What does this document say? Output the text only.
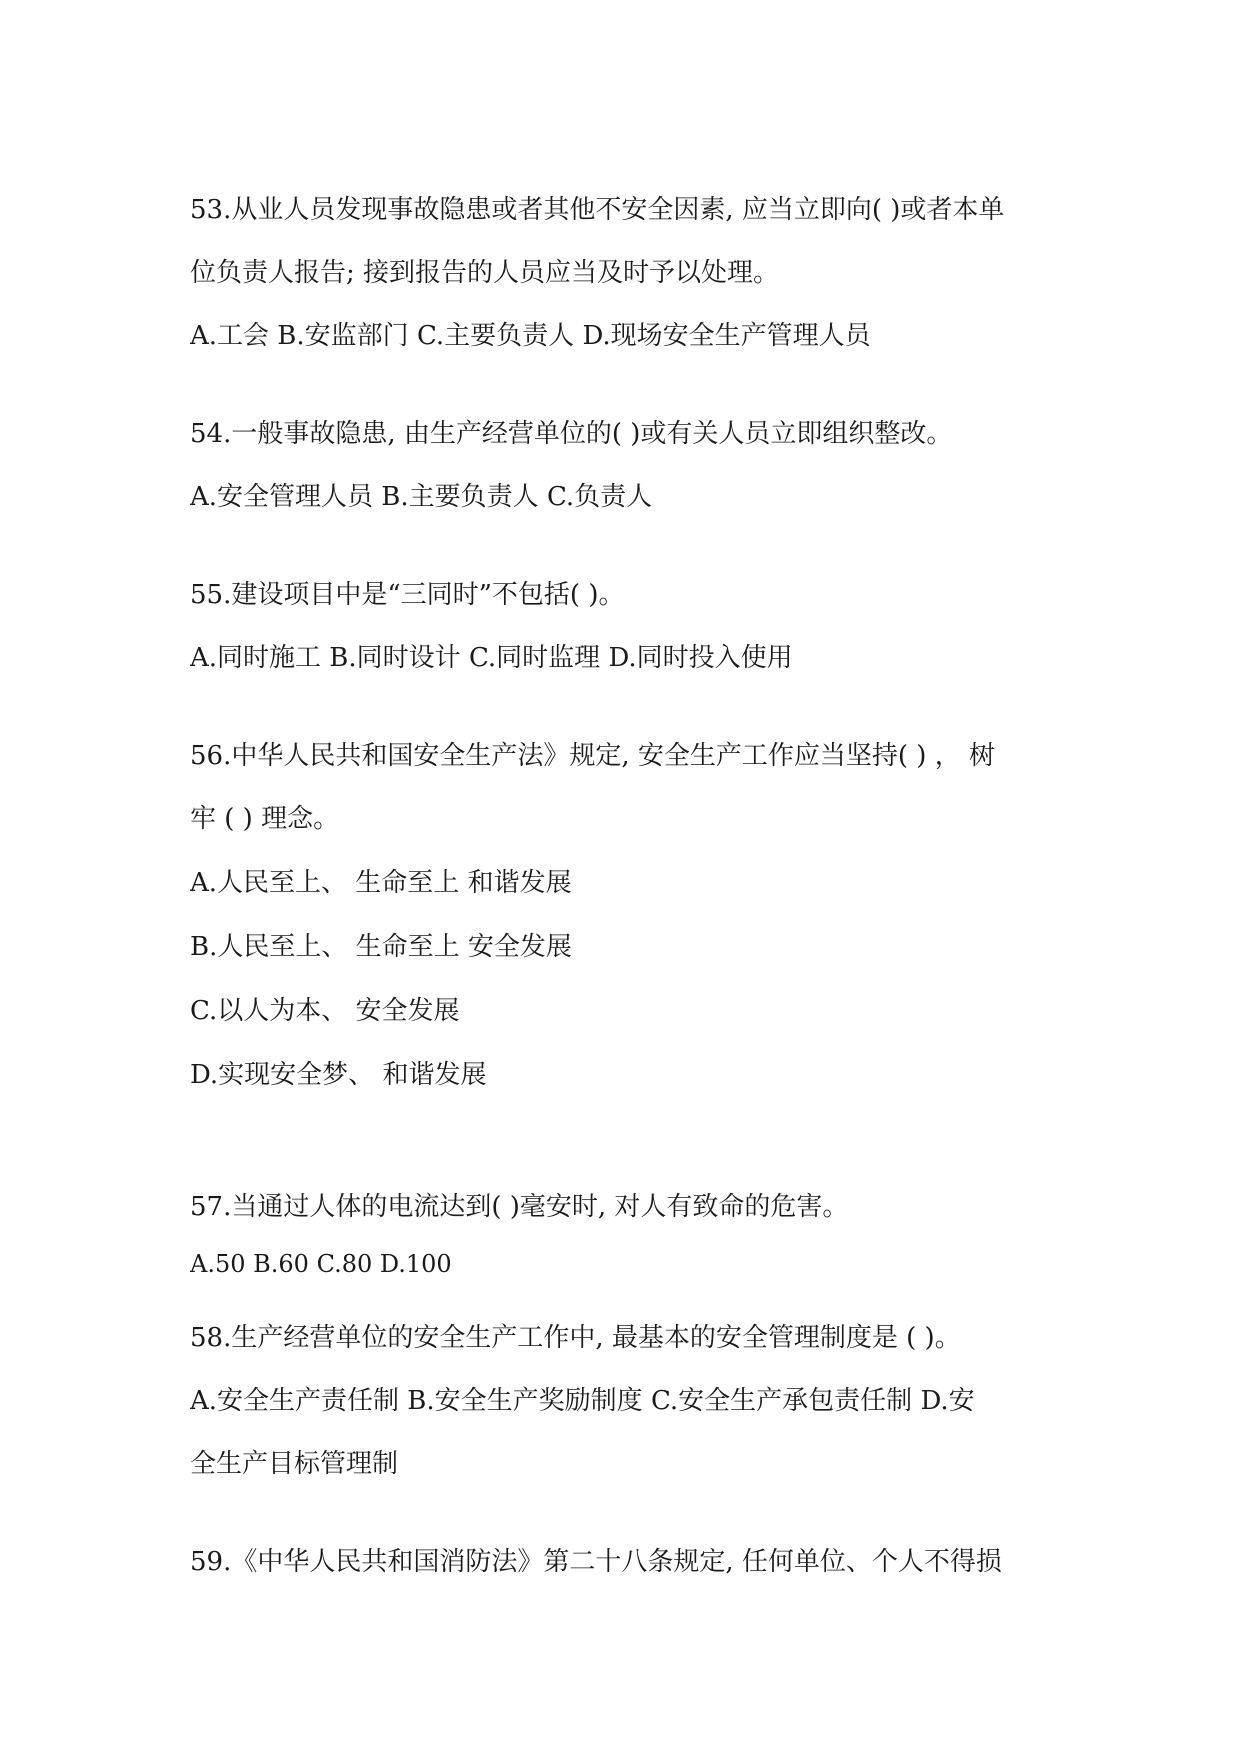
53.从业人员发现事故隐患或者其他不安全因素, 应当立即向( )或者本单
位负责人报告; 接到报告的人员应当及时予以处理。
A.工会 B.安监部门 C.主要负责人 D.现场安全生产管理人员
54.一般事故隐患, 由生产经营单位的( )或有关人员立即组织整改。
A.安全管理人员 B.主要负责人 C.负责人
55.建设项目中是“三同时”不包括( )。
A.同时施工 B.同时设计 C.同时监理 D.同时投入使用
56.中华人民共和国安全生产法》规定, 安全生产工作应当坚持( ) ， 树
牢 ( ) 理念。
A.人民至上、 生命至上 和谐发展
B.人民至上、 生命至上 安全发展
C.以人为本、 安全发展
D.实现安全梦、 和谐发展
57.当通过人体的电流达到( )毫安时, 对人有致命的危害。
A.50 B.60 C.80 D.100
58.生产经营单位的安全生产工作中, 最基本的安全管理制度是 ( )。
A.安全生产责任制 B.安全生产奖励制度 C.安全生产承包责任制 D.安
全生产目标管理制
59.《中华人民共和国消防法》第二十八条规定, 任何单位、个人不得损
